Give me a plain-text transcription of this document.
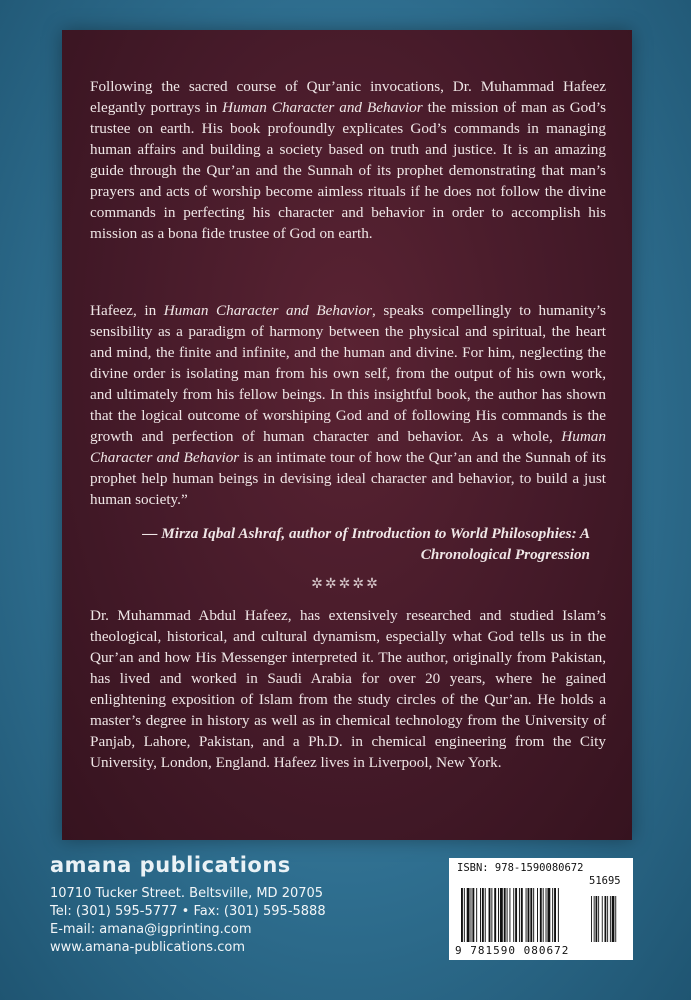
Following the sacred course of Qur’anic invocations, Dr. Muhammad Hafeez elegantly portrays in Human Character and Behavior the mission of man as God’s trustee on earth. His book profoundly explicates God’s commands in managing human affairs and building a society based on truth and justice. It is an amazing guide through the Qur’an and the Sunnah of its prophet demonstrating that man’s prayers and acts of worship become aimless rituals if he does not follow the divine commands in perfecting his character and behavior in order to accomplish his mission as a bona fide trustee of God on earth.

Hafeez, in Human Character and Behavior, speaks compellingly to humanity’s sensibility as a paradigm of harmony between the physical and spiritual, the heart and mind, the finite and infinite, and the human and divine. For him, neglecting the divine order is isolating man from his own self, from the output of his own work, and ultimately from his fellow beings. In this insightful book, the author has shown that the logical outcome of worshiping God and of following His commands is the growth and perfection of human character and behavior. As a whole, Human Character and Behavior is an intimate tour of how the Qur’an and the Sunnah of its prophet help human beings in devising ideal character and behavior, to build a just human society.”

— Mirza Iqbal Ashraf, author of Introduction to World Philosophies: A
Chronological Progression

✲✲✲✲✲

Dr. Muhammad Abdul Hafeez, has extensively researched and studied Islam’s theological, historical, and cultural dynamism, especially what God tells us in the Qur’an and how His Messenger interpreted it. The author, originally from Pakistan, has lived and worked in Saudi Arabia for over 20 years, where he gained enlightening exposition of Islam from the study circles of the Qur’an. He holds a master’s degree in history as well as in chemical technology from the University of Panjab, Lahore, Pakistan, and a Ph.D. in chemical engineering from the City University, London, England. Hafeez lives in Liverpool, New York.

amana publications

10710 Tucker Street. Beltsville, MD 20705

Tel: (301) 595-5777 • Fax: (301) 595-5888

E-mail: amana@igprinting.com

www.amana-publications.com

ISBN: 978-1590080672
51695
9 781590 080672
